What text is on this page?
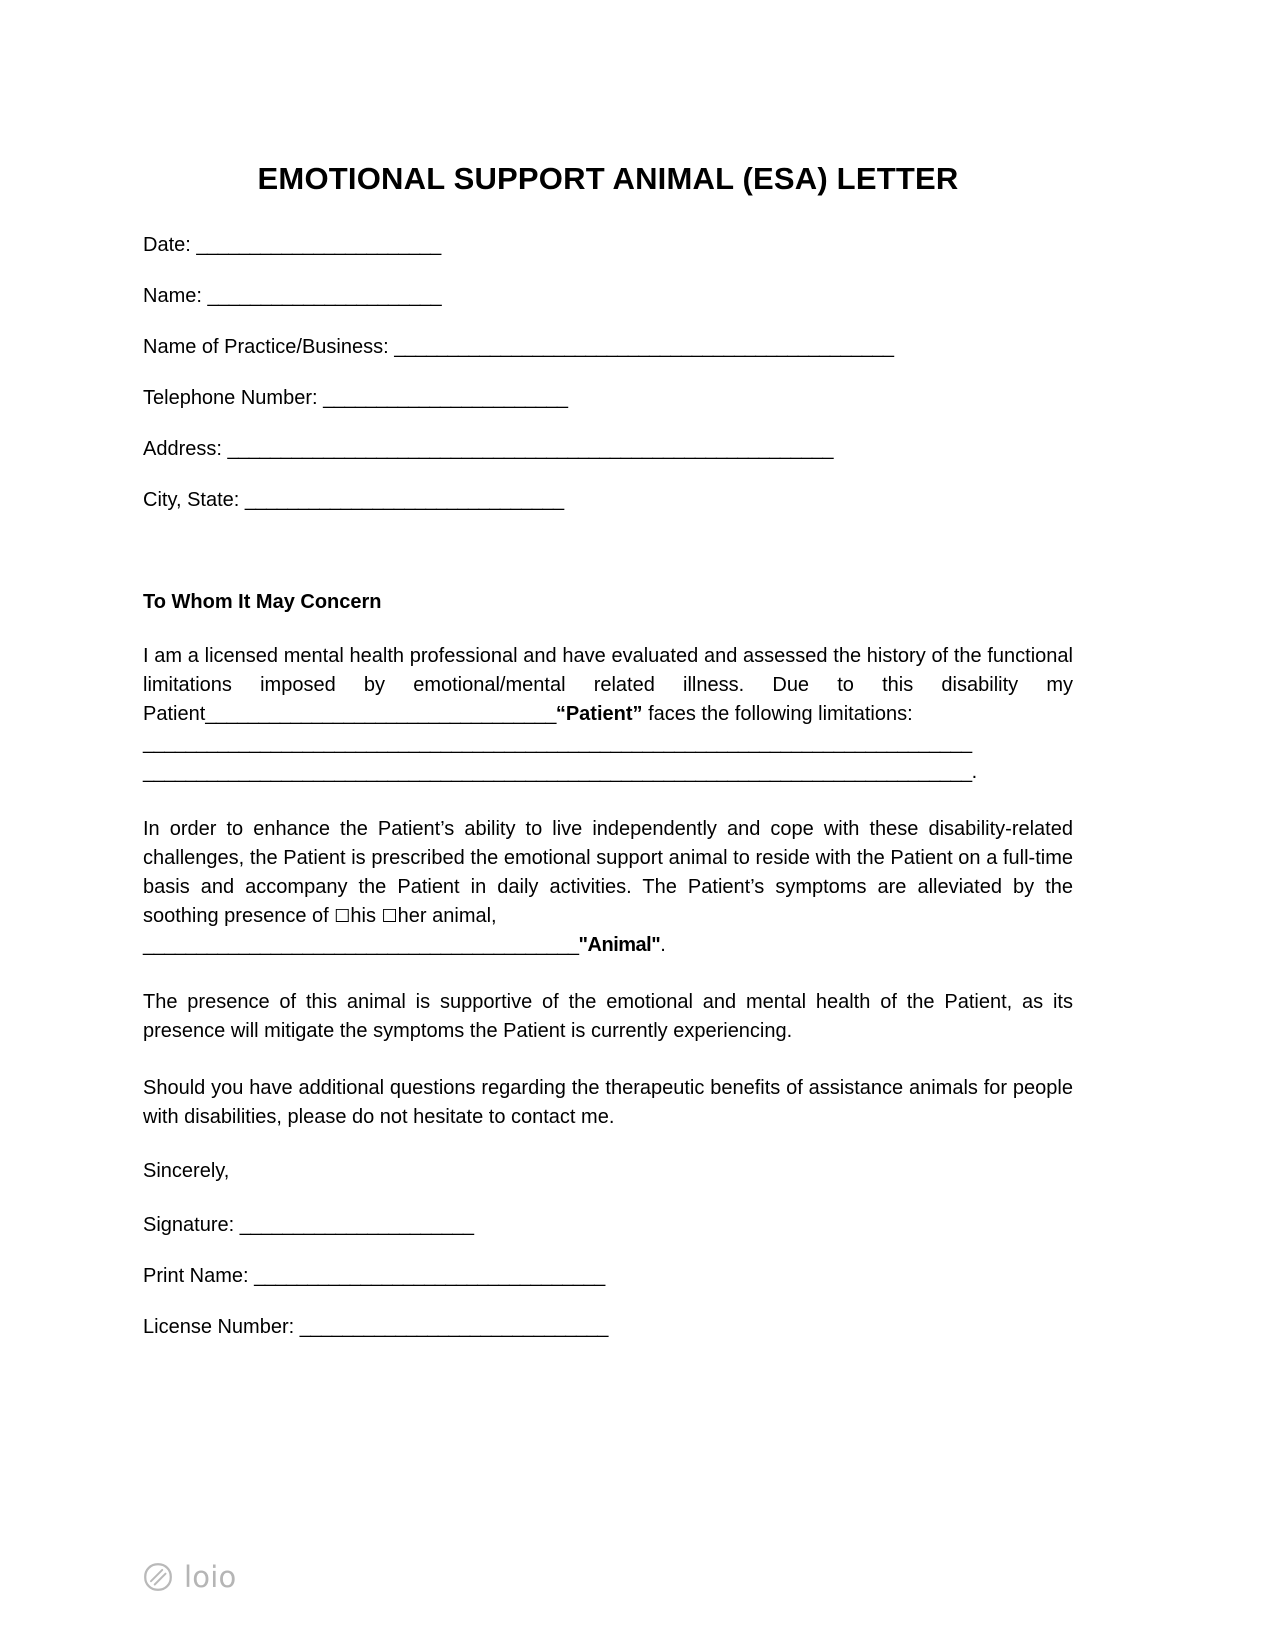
EMOTIONAL SUPPORT ANIMAL (ESA) LETTER
Date: _______________________
Name: ______________________
Name of Practice/Business: _______________________________________________
Telephone Number: _______________________
Address: _________________________________________________________
City, State: ______________________________
To Whom It May Concern

I am a licensed mental health professional and have evaluated and assessed the history of the functional limitations imposed by emotional/mental related illness. Due to this disability my Patient_________________________________“Patient” faces the following limitations:
______________________________________________________________________________
______________________________________________________________________________.

In order to enhance the Patient’s ability to live independently and cope with these disability-related challenges, the Patient is prescribed the emotional support animal to reside with the Patient on a full-time basis and accompany the Patient in daily activities. The Patient’s symptoms are alleviated by the soothing presence of ☐his ☐her animal,
_________________________________________"Animal".

The presence of this animal is supportive of the emotional and mental health of the Patient, as its presence will mitigate the symptoms the Patient is currently experiencing.

Should you have additional questions regarding the therapeutic benefits of assistance animals for people with disabilities, please do not hesitate to contact me.

Sincerely,

Signature: ______________________
Print Name: _________________________________
License Number: _____________________________
loio
